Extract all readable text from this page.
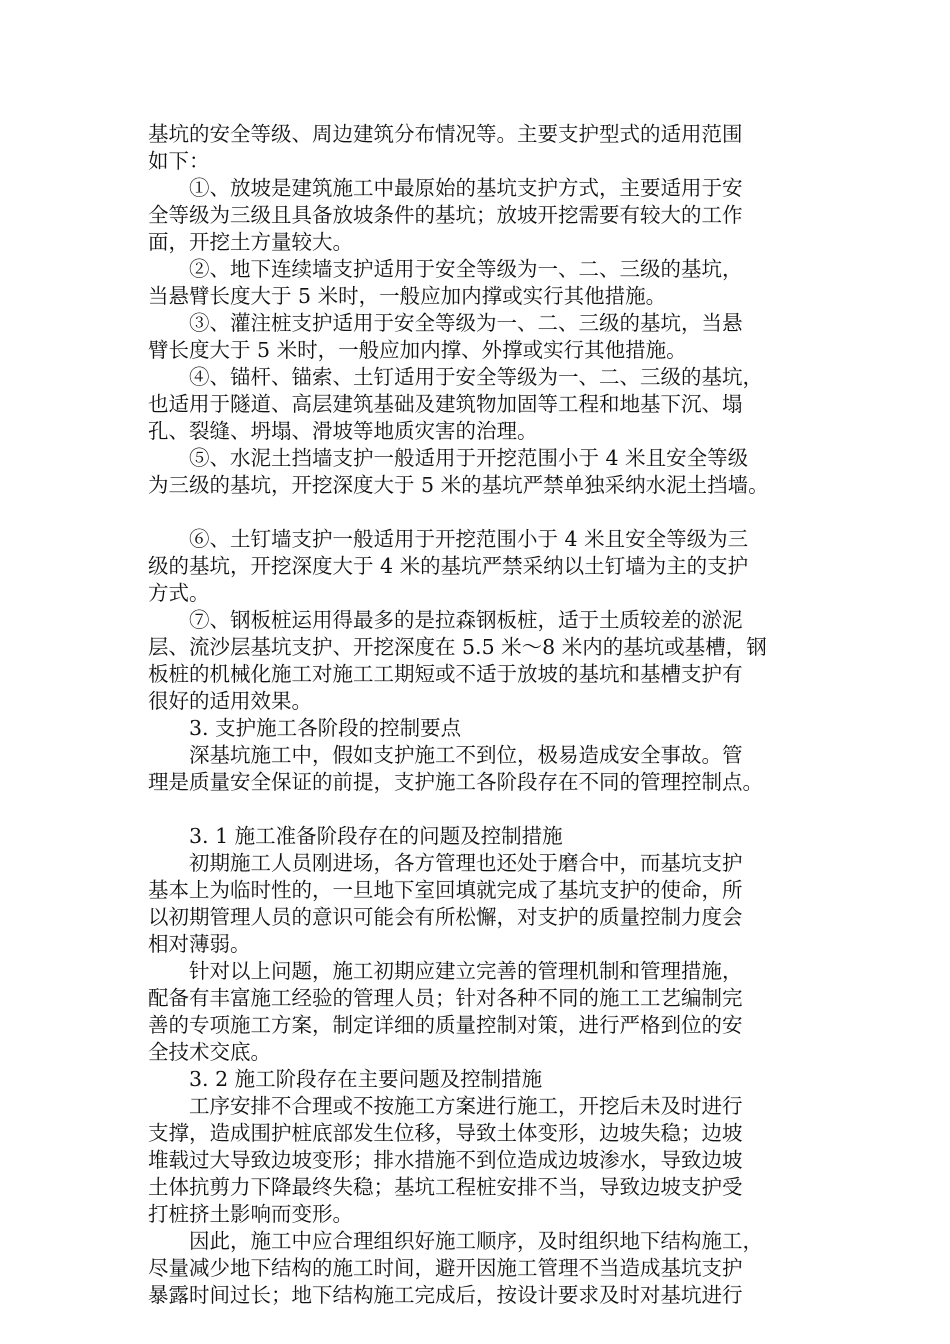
基坑的安全等级、周边建筑分布情况等。主要支护型式的适用范围
如下：
①、放坡是建筑施工中最原始的基坑支护方式，主要适用于安
全等级为三级且具备放坡条件的基坑；放坡开挖需要有较大的工作
面，开挖土方量较大。
②、地下连续墙支护适用于安全等级为一、二、三级的基坑，
当悬臂长度大于 5 米时，一般应加内撑或实行其他措施。
③、灌注桩支护适用于安全等级为一、二、三级的基坑，当悬
臂长度大于 5 米时，一般应加内撑、外撑或实行其他措施。
④、锚杆、锚索、土钉适用于安全等级为一、二、三级的基坑，
也适用于隧道、高层建筑基础及建筑物加固等工程和地基下沉、塌
孔、裂缝、坍塌、滑坡等地质灾害的治理。
⑤、水泥土挡墙支护一般适用于开挖范围小于 4 米且安全等级
为三级的基坑，开挖深度大于 5 米的基坑严禁单独采纳水泥土挡墙。
⑥、土钉墙支护一般适用于开挖范围小于 4 米且安全等级为三
级的基坑，开挖深度大于 4 米的基坑严禁采纳以土钉墙为主的支护
方式。
⑦、钢板桩运用得最多的是拉森钢板桩，适于土质较差的淤泥
层、流沙层基坑支护、开挖深度在 5.5 米～8 米内的基坑或基槽，钢
板桩的机械化施工对施工工期短或不适于放坡的基坑和基槽支护有
很好的适用效果。
3. 支护施工各阶段的控制要点
深基坑施工中，假如支护施工不到位，极易造成安全事故。管
理是质量安全保证的前提，支护施工各阶段存在不同的管理控制点。
3. 1 施工准备阶段存在的问题及控制措施
初期施工人员刚进场，各方管理也还处于磨合中，而基坑支护
基本上为临时性的，一旦地下室回填就完成了基坑支护的使命，所
以初期管理人员的意识可能会有所松懈，对支护的质量控制力度会
相对薄弱。
针对以上问题，施工初期应建立完善的管理机制和管理措施，
配备有丰富施工经验的管理人员；针对各种不同的施工工艺编制完
善的专项施工方案，制定详细的质量控制对策，进行严格到位的安
全技术交底。
3. 2 施工阶段存在主要问题及控制措施
工序安排不合理或不按施工方案进行施工，开挖后未及时进行
支撑，造成围护桩底部发生位移，导致土体变形，边坡失稳；边坡
堆载过大导致边坡变形；排水措施不到位造成边坡渗水，导致边坡
土体抗剪力下降最终失稳；基坑工程桩安排不当，导致边坡支护受
打桩挤土影响而变形。
因此，施工中应合理组织好施工顺序，及时组织地下结构施工，
尽量减少地下结构的施工时间，避开因施工管理不当造成基坑支护
暴露时间过长；地下结构施工完成后，按设计要求及时对基坑进行
